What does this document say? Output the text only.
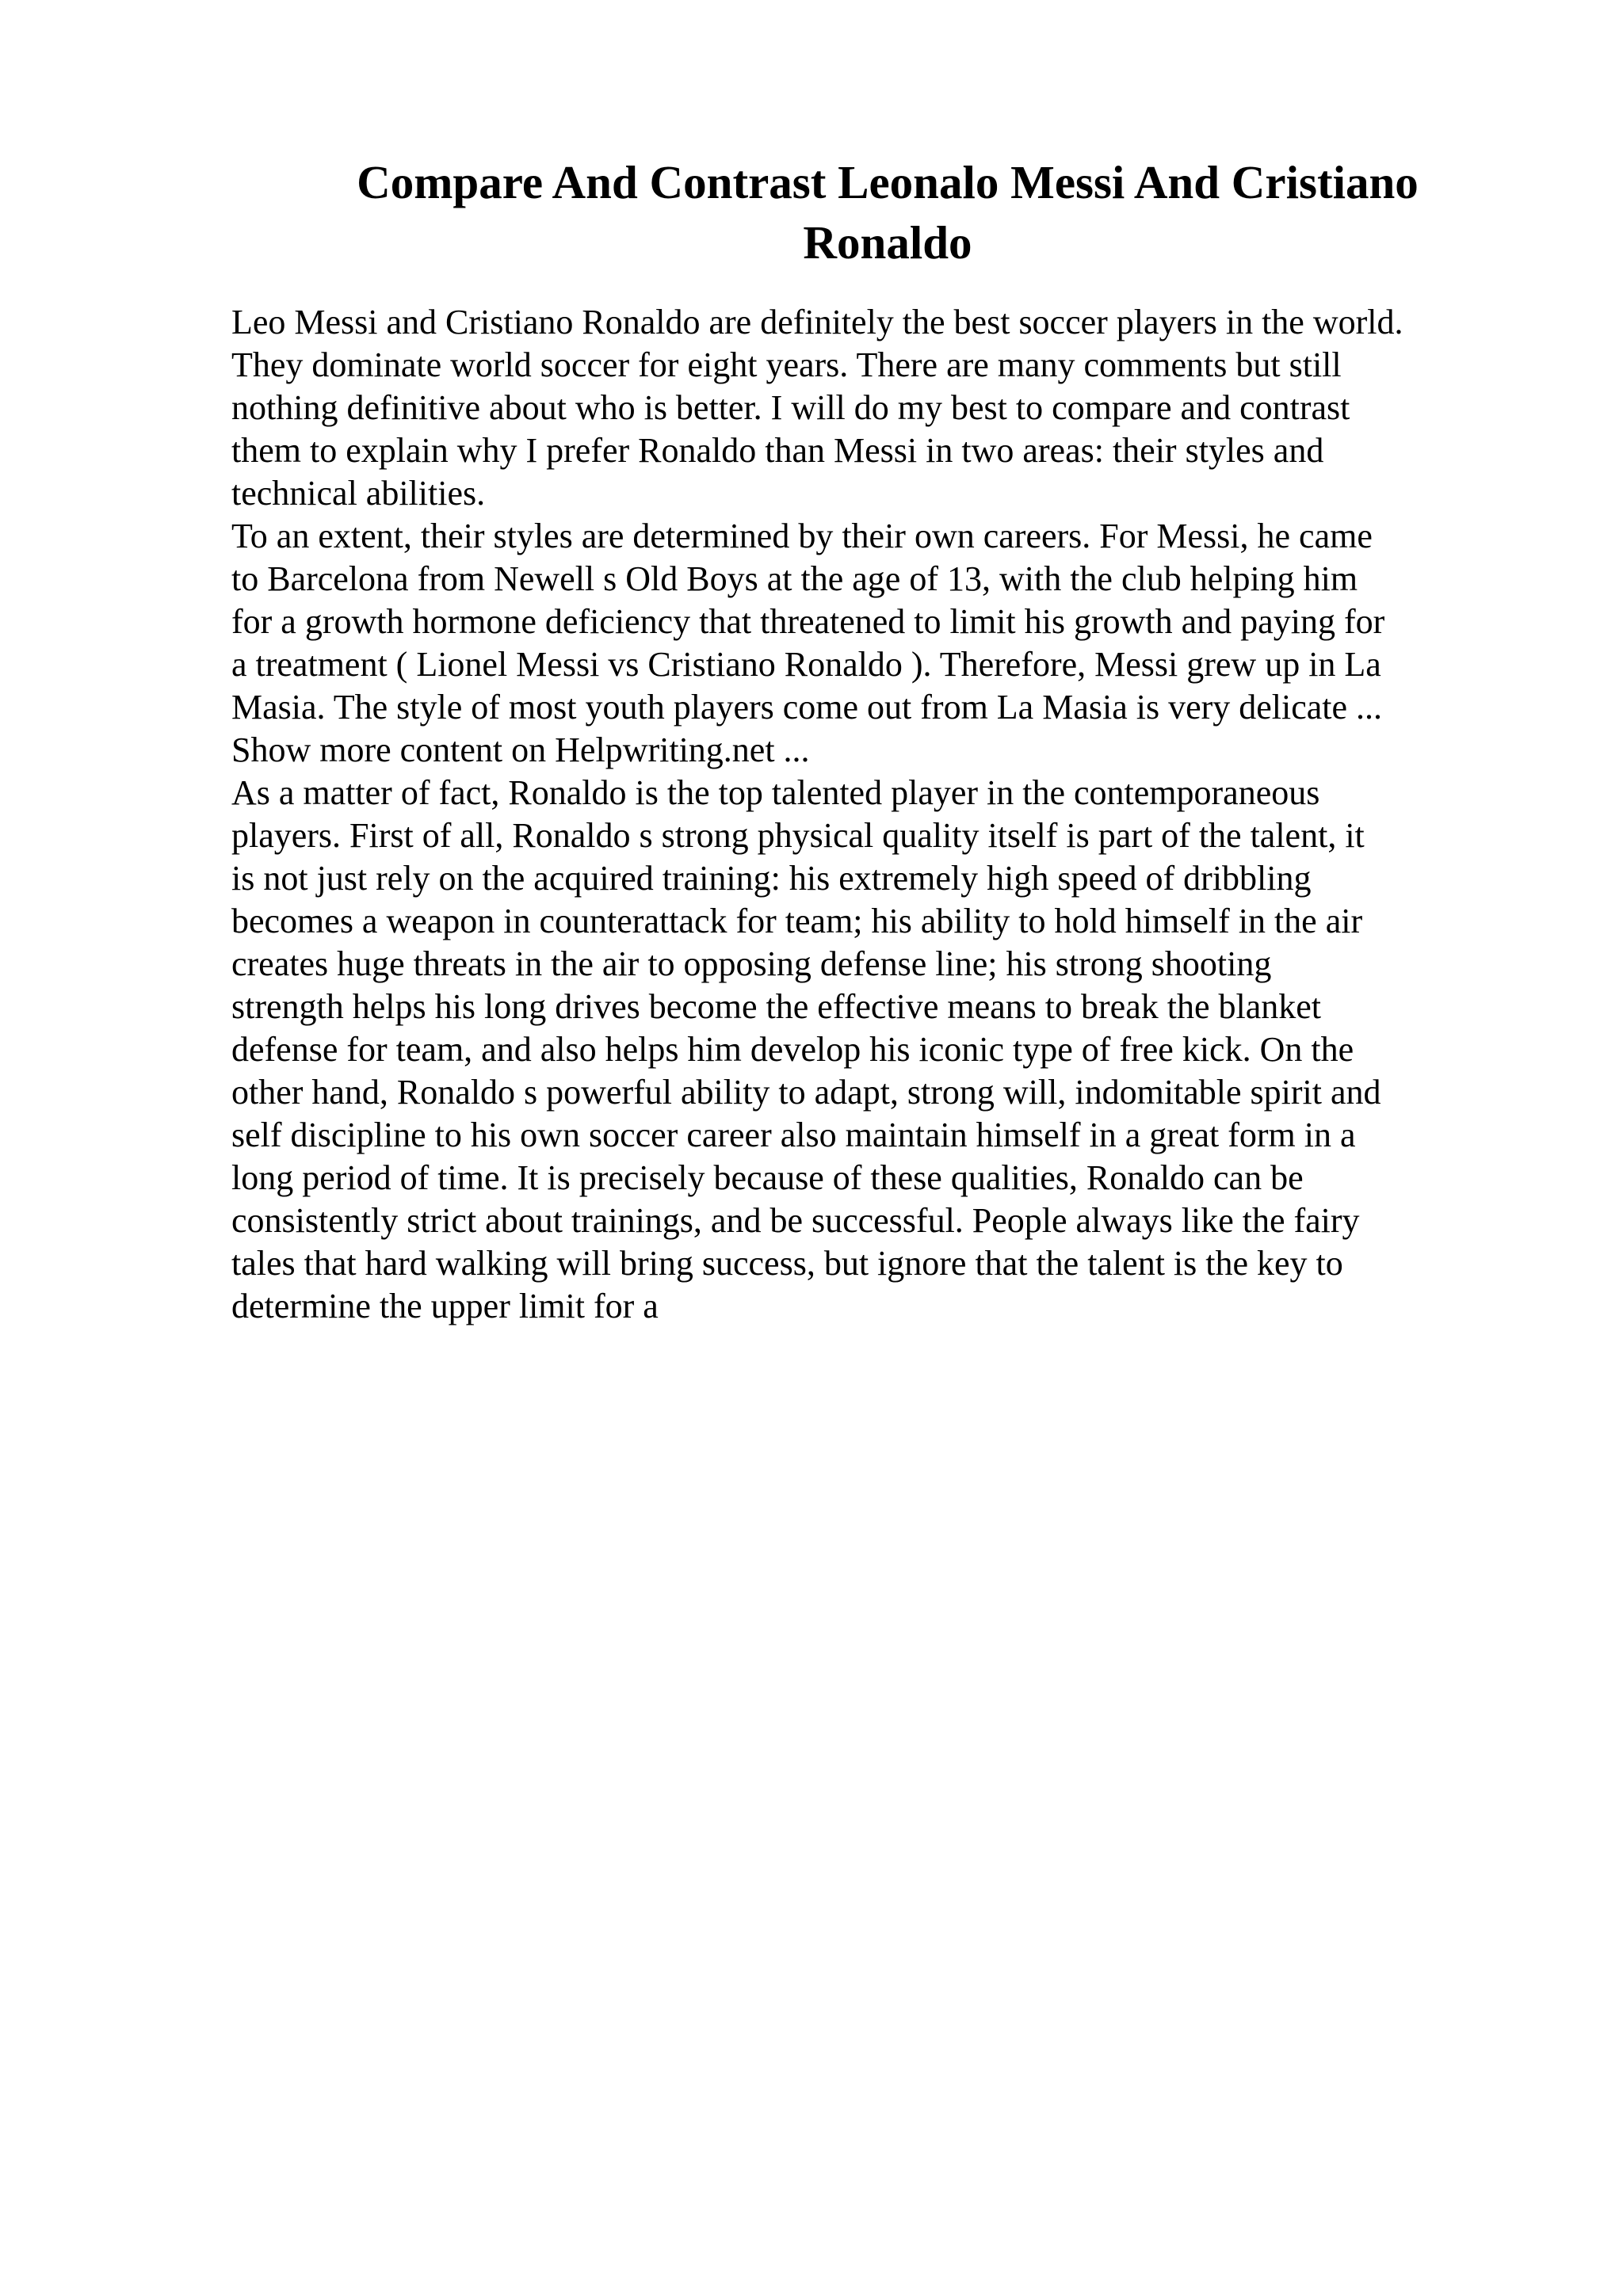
Compare And Contrast Leonalo Messi And Cristiano
Ronaldo
Leo Messi and Cristiano Ronaldo are definitely the best soccer players in the world.
They dominate world soccer for eight years. There are many comments but still
nothing definitive about who is better. I will do my best to compare and contrast
them to explain why I prefer Ronaldo than Messi in two areas: their styles and
technical abilities.
To an extent, their styles are determined by their own careers. For Messi, he came
to Barcelona from Newell s Old Boys at the age of 13, with the club helping him
for a growth hormone deficiency that threatened to limit his growth and paying for
a treatment ( Lionel Messi vs Cristiano Ronaldo ). Therefore, Messi grew up in La
Masia. The style of most youth players come out from La Masia is very delicate ...
Show more content on Helpwriting.net ...
As a matter of fact, Ronaldo is the top talented player in the contemporaneous
players. First of all, Ronaldo s strong physical quality itself is part of the talent, it
is not just rely on the acquired training: his extremely high speed of dribbling
becomes a weapon in counterattack for team; his ability to hold himself in the air
creates huge threats in the air to opposing defense line; his strong shooting
strength helps his long drives become the effective means to break the blanket
defense for team, and also helps him develop his iconic type of free kick. On the
other hand, Ronaldo s powerful ability to adapt, strong will, indomitable spirit and
self discipline to his own soccer career also maintain himself in a great form in a
long period of time. It is precisely because of these qualities, Ronaldo can be
consistently strict about trainings, and be successful. People always like the fairy
tales that hard walking will bring success, but ignore that the talent is the key to
determine the upper limit for a
